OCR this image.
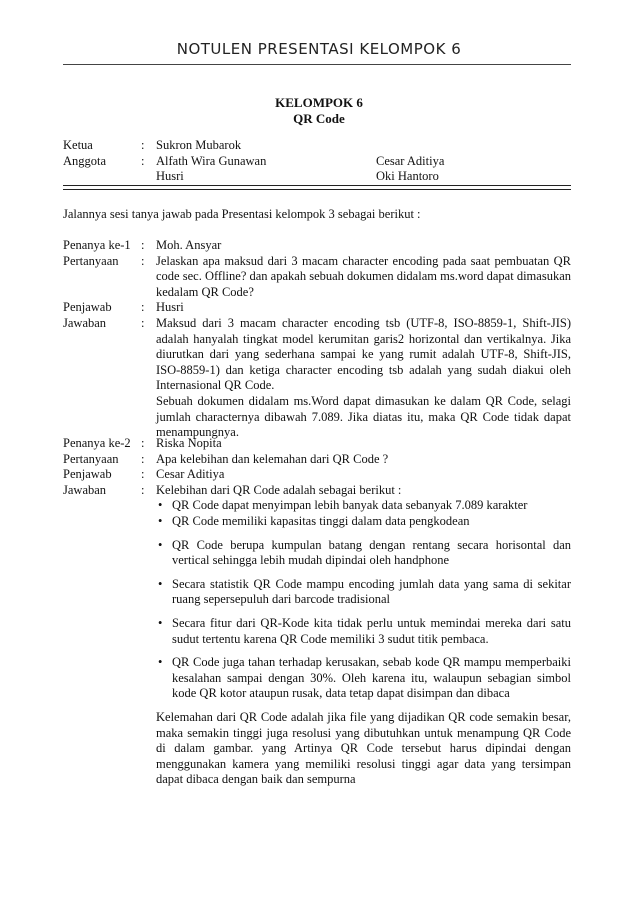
NOTULEN PRESENTASI KELOMPOK 6
KELOMPOK 6
QR Code
Ketua	: Sukron Mubarok
Anggota	: Alfath Wira Gunawan	Cesar Aditiya
Husri	Oki Hantoro
Jalannya sesi tanya jawab pada Presentasi kelompok 3 sebagai berikut :
Penanya ke-1 : Moh. Ansyar
Pertanyaan	: Jelaskan apa maksud dari 3 macam character encoding pada saat pembuatan QR code sec. Offline? dan apakah sebuah dokumen didalam ms.word dapat dimasukan kedalam QR Code?
Penjawab	: Husri
Jawaban	: Maksud dari 3 macam character encoding tsb (UTF-8, ISO-8859-1, Shift-JIS) adalah hanyalah tingkat model kerumitan garis2 horizontal dan vertikalnya. Jika diurutkan dari yang sederhana sampai ke yang rumit adalah UTF-8, Shift-JIS, ISO-8859-1) dan ketiga character encoding tsb adalah yang sudah diakui oleh Internasional QR Code.

Sebuah dokumen didalam ms.Word dapat dimasukan ke dalam QR Code, selagi jumlah characternya dibawah 7.089. Jika diatas itu, maka QR Code tidak dapat menampungnya.

Penanya ke-2 : Riska Nopita
Pertanyaan	: Apa kelebihan dan kelemahan dari QR Code ?
Penjawab	: Cesar Aditiya
Jawaban	: Kelebihan dari QR Code adalah sebagai berikut :
• QR Code dapat menyimpan lebih banyak data sebanyak 7.089 karakter
• QR Code memiliki kapasitas tinggi dalam data pengkodean
• QR Code berupa kumpulan batang dengan rentang secara horisontal dan vertical sehingga lebih mudah dipindai oleh handphone
• Secara statistik QR Code mampu encoding jumlah data yang sama di sekitar ruang sepersepuluh dari barcode tradisional
• Secara fitur dari QR-Kode kita tidak perlu untuk memindai mereka dari satu sudut tertentu karena QR Code memiliki 3 sudut titik pembaca.
• QR Code juga tahan terhadap kerusakan, sebab kode QR mampu memperbaiki kesalahan sampai dengan 30%. Oleh karena itu, walaupun sebagian simbol kode QR kotor ataupun rusak, data tetap dapat disimpan dan dibaca

Kelemahan dari QR Code adalah jika file yang dijadikan QR code semakin besar, maka semakin tinggi juga resolusi yang dibutuhkan untuk menampung QR Code di dalam gambar. yang Artinya QR Code tersebut harus dipindai dengan menggunakan kamera yang memiliki resolusi tinggi agar data yang tersimpan dapat dibaca dengan baik dan sempurna
